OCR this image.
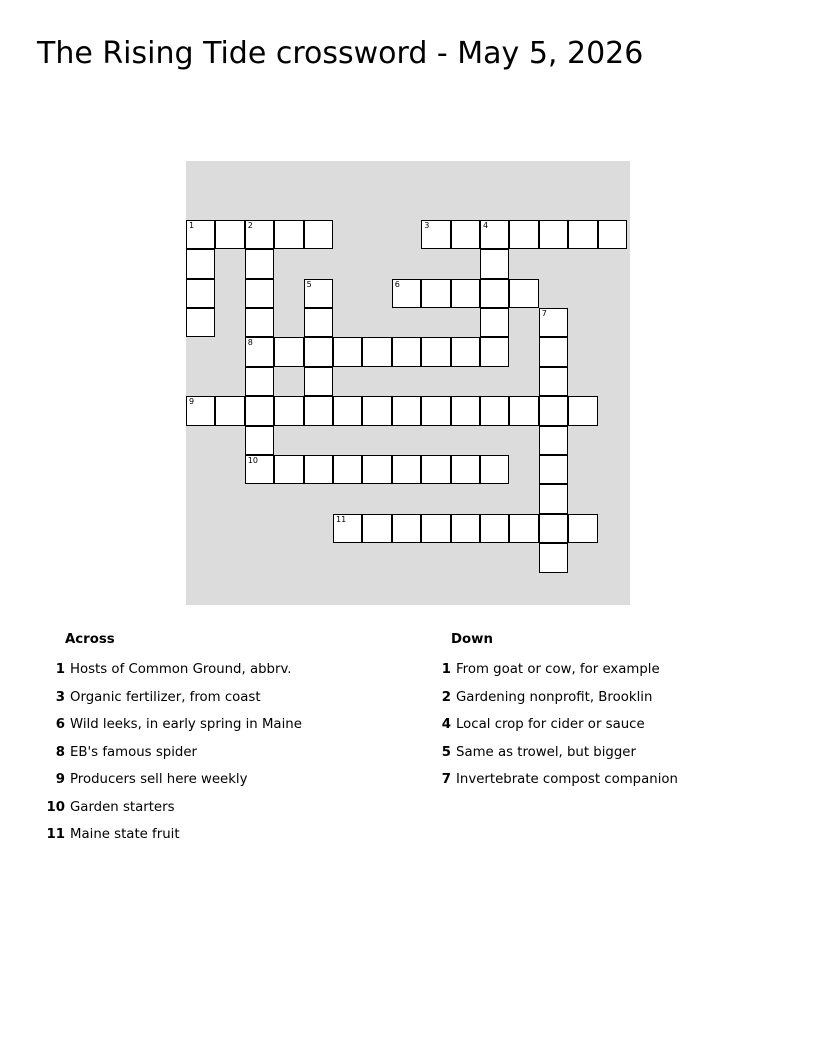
The Rising Tide crossword - May 5, 2026
1	2	3	4
6
8
9
10
11
5
7
Across
1 Hosts of Common Ground, abbrv.
3 Organic fertilizer, from coast
6 Wild leeks, in early spring in Maine
8 EB's famous spider
9 Producers sell here weekly
10 Garden starters
11 Maine state fruit
Down
1 From goat or cow, for example
2 Gardening nonprofit, Brooklin
4 Local crop for cider or sauce
5 Same as trowel, but bigger
7 Invertebrate compost companion
